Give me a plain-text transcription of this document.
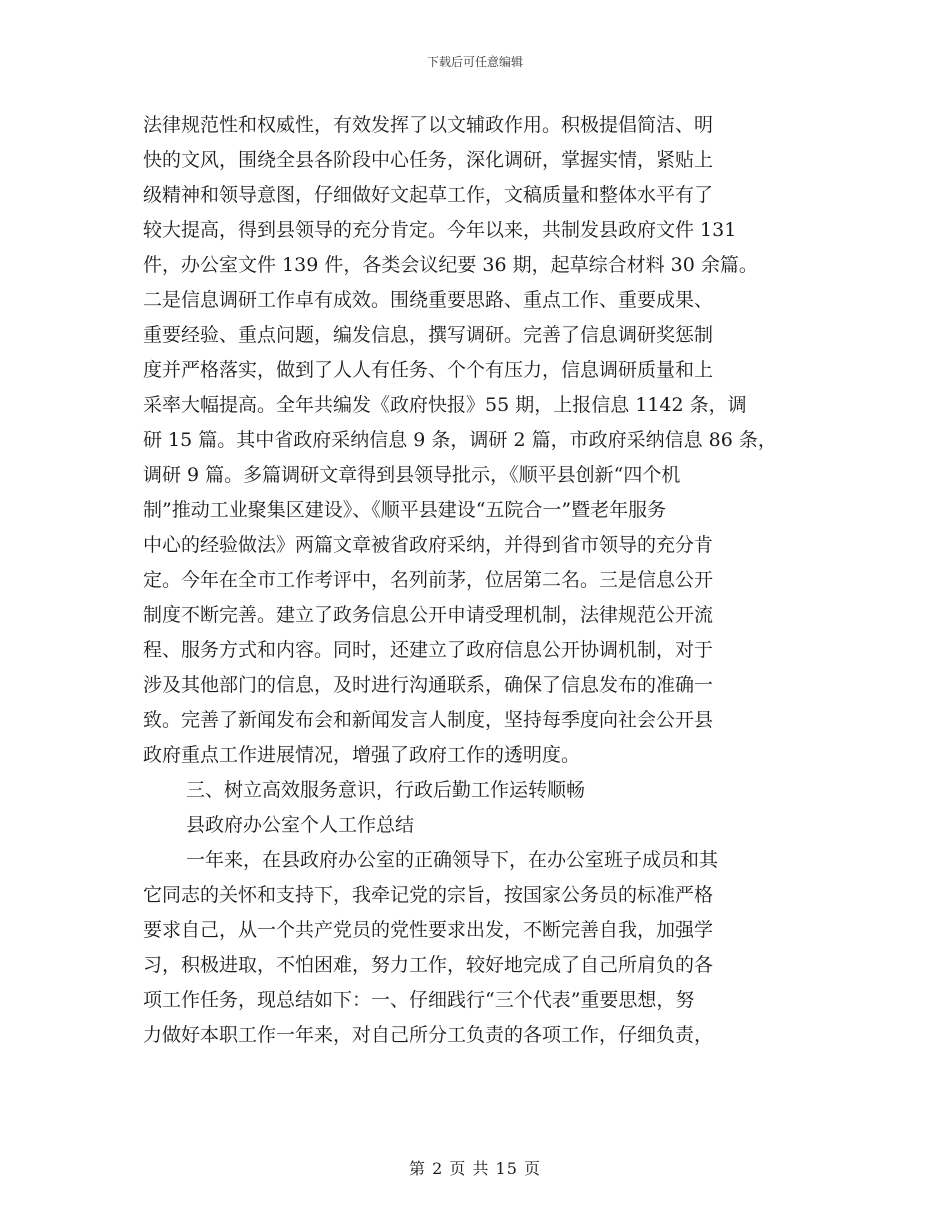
下载后可任意编辑
法律规范性和权威性，有效发挥了以文辅政作用。积极提倡简洁、明
快的文风，围绕全县各阶段中心任务，深化调研，掌握实情，紧贴上
级精神和领导意图，仔细做好文起草工作，文稿质量和整体水平有了
较大提高，得到县领导的充分肯定。今年以来，共制发县政府文件 131
件，办公室文件 139 件，各类会议纪要 36 期，起草综合材料 30 余篇。
二是信息调研工作卓有成效。围绕重要思路、重点工作、重要成果、
重要经验、重点问题，编发信息，撰写调研。完善了信息调研奖惩制
度并严格落实，做到了人人有任务、个个有压力，信息调研质量和上
采率大幅提高。全年共编发《政府快报》55 期，上报信息 1142 条，调
研 15 篇。其中省政府采纳信息 9 条，调研 2 篇，市政府采纳信息 86 条，
调研 9 篇。多篇调研文章得到县领导批示，《顺平县创新“四个机
制”推动工业聚集区建设》、《顺平县建设“五院合一”暨老年服务
中心的经验做法》两篇文章被省政府采纳，并得到省市领导的充分肯
定。今年在全市工作考评中，名列前茅，位居第二名。三是信息公开
制度不断完善。建立了政务信息公开申请受理机制，法律规范公开流
程、服务方式和内容。同时，还建立了政府信息公开协调机制，对于
涉及其他部门的信息，及时进行沟通联系，确保了信息发布的准确一
致。完善了新闻发布会和新闻发言人制度，坚持每季度向社会公开县
政府重点工作进展情况，增强了政府工作的透明度。
三、树立高效服务意识，行政后勤工作运转顺畅
县政府办公室个人工作总结
一年来，在县政府办公室的正确领导下，在办公室班子成员和其
它同志的关怀和支持下，我牵记党的宗旨，按国家公务员的标准严格
要求自己，从一个共产党员的党性要求出发，不断完善自我，加强学
习，积极进取，不怕困难，努力工作，较好地完成了自己所肩负的各
项工作任务，现总结如下：一、仔细践行“三个代表”重要思想，努
力做好本职工作一年来，对自己所分工负责的各项工作，仔细负责，
第 2 页 共 15 页
